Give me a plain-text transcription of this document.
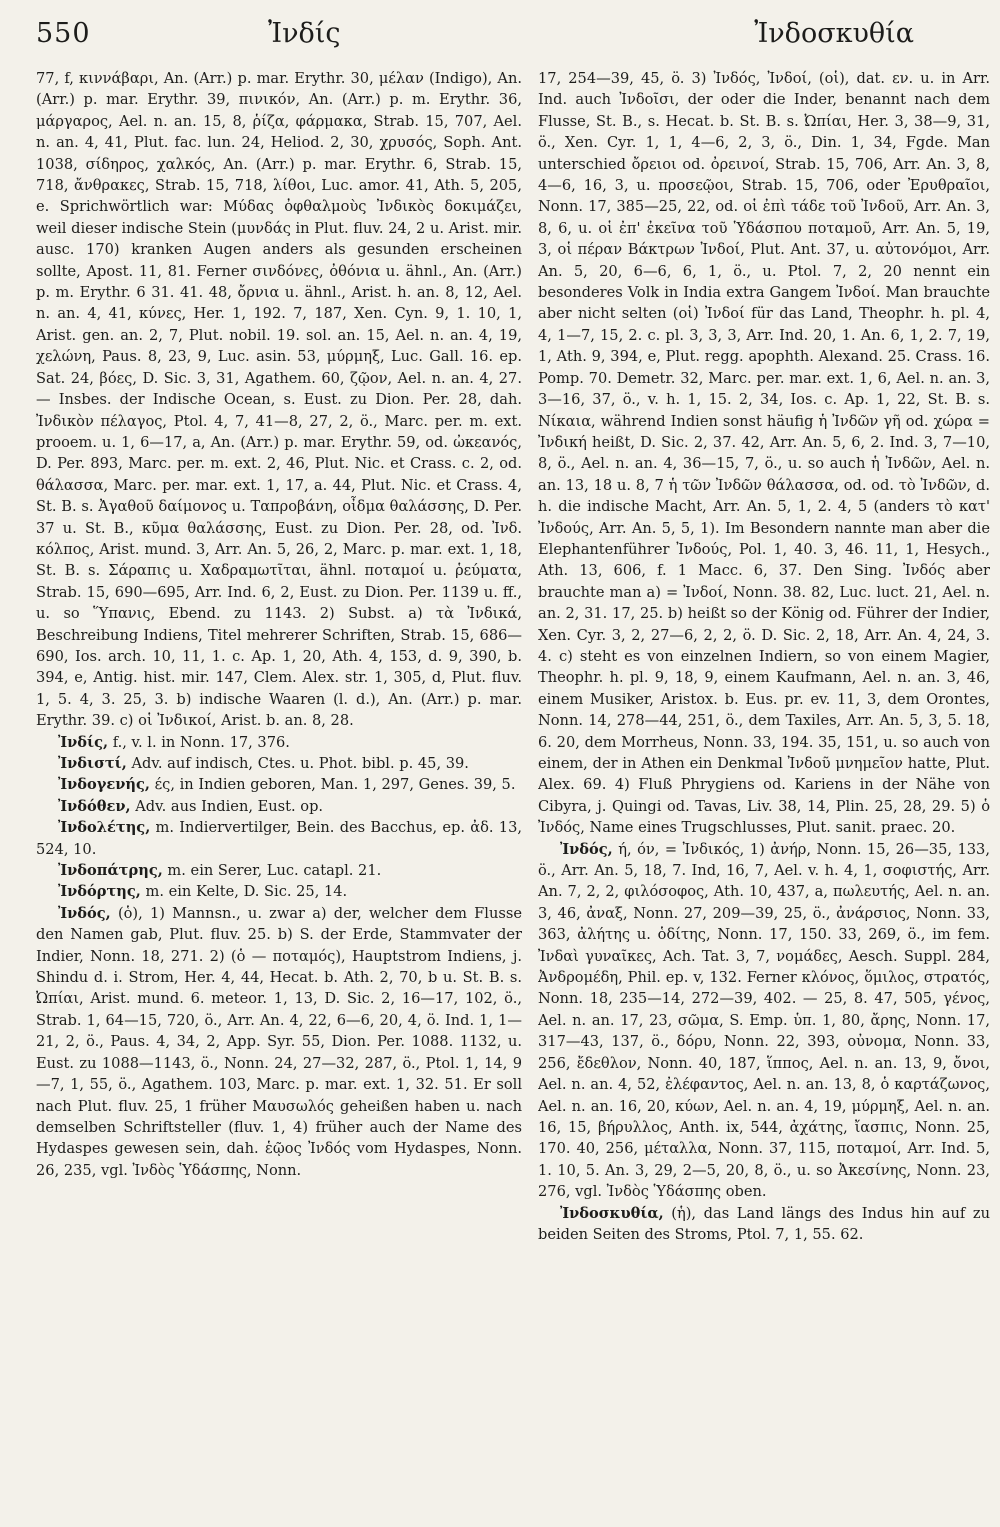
550	Ἰνδίς	Ἰνδοσκυθία

77, f, κιννάβαρι, An. (Arr.) p. mar. Erythr. 30, μέλαν (Indigo), An. (Arr.) p. mar. Erythr. 39, πινικόν, An. (Arr.) p. m. Erythr. 36, μάργαρος, Ael. n. an. 15, 8, ῥίζα, φάρμακα, Strab. 15, 707, Ael. n. an. 4, 41, Plut. fac. lun. 24, Heliod. 2, 30, χρυσός, Soph. Ant. 1038, σίδηρος, χαλκός, An. (Arr.) p. mar. Erythr. 6, Strab. 15, 718, ἄνθρακες, Strab. 15, 718, λίθοι, Luc. amor. 41, Ath. 5, 205, e. Sprichwörtlich war: Μύδας ὀφθαλμοὺς Ἰνδικὸς δοκιμάζει, weil dieser indische Stein (μυνδάς in Plut. fluv. 24, 2 u. Arist. mir. ausc. 170) kranken Augen anders als gesunden erscheinen sollte, Apost. 11, 81. Ferner σινδόνες, ὀθόνια u. ähnl., An. (Arr.) p. m. Erythr. 6 31. 41. 48, ὄρνια u. ähnl., Arist. h. an. 8, 12, Ael. n. an. 4, 41, κύνες, Her. 1, 192. 7, 187, Xen. Cyn. 9, 1. 10, 1, Arist. gen. an. 2, 7, Plut. nobil. 19. sol. an. 15, Ael. n. an. 4, 19, χελώνη, Paus. 8, 23, 9, Luc. asin. 53, μύρμηξ, Luc. Gall. 16. ep. Sat. 24, βόες, D. Sic. 3, 31, Agathem. 60, ζῷον, Ael. n. an. 4, 27. — Insbes. der Indische Ocean, s. Eust. zu Dion. Per. 28, dah. Ἰνδικὸν πέλαγος, Ptol. 4, 7, 41—8, 27, 2, ö., Marc. per. m. ext. prooem. u. 1, 6—17, a, An. (Arr.) p. mar. Erythr. 59, od. ὠκεανός, D. Per. 893, Marc. per. m. ext. 2, 46, Plut. Nic. et Crass. c. 2, od. θάλασσα, Marc. per. mar. ext. 1, 17, a. 44, Plut. Nic. et Crass. 4, St. B. s. Ἀγαθοῦ δαίμονος u. Ταπροβάνη, οἶδμα θαλάσσης, D. Per. 37 u. St. B., κῦμα θαλάσσης, Eust. zu Dion. Per. 28, od. Ἰνδ. κόλπος, Arist. mund. 3, Arr. An. 5, 26, 2, Marc. p. mar. ext. 1, 18, St. B. s. Σάραπις u. Χαδραμωτῖται, ähnl. ποταμοί u. ῥεύματα, Strab. 15, 690—695, Arr. Ind. 6, 2, Eust. zu Dion. Per. 1139 u. ff., u. so Ὕπανις, Ebend. zu 1143. 2) Subst. a) τὰ Ἰνδικά, Beschreibung Indiens, Titel mehrerer Schriften, Strab. 15, 686—690, Ios. arch. 10, 11, 1. c. Ap. 1, 20, Ath. 4, 153, d. 9, 390, b. 394, e, Antig. hist. mir. 147, Clem. Alex. str. 1, 305, d, Plut. fluv. 1, 5. 4, 3. 25, 3. b) indische Waaren (l. d.), An. (Arr.) p. mar. Erythr. 39. c) οἱ Ἰνδικοί, Arist. b. an. 8, 28.

Ἰνδίς, f., v. l. in Nonn. 17, 376.

Ἰνδιστί, Adv. auf indisch, Ctes. u. Phot. bibl. p. 45, 39.

Ἰνδογενής, ές, in Indien geboren, Man. 1, 297, Genes. 39, 5.

Ἰνδόθεν, Adv. aus Indien, Eust. op.

Ἰνδολέτης, m. Indiervertilger, Bein. des Bacchus, ep. ἀδ. 13, 524, 10.

Ἰνδοπάτρης, m. ein Serer, Luc. catapl. 21.

Ἰνδόρτης, m. ein Kelte, D. Sic. 25, 14.

Ἰνδός, (ὁ), 1) Mannsn., u. zwar a) der, welcher dem Flusse den Namen gab, Plut. fluv. 25. b) S. der Erde, Stammvater der Indier, Nonn. 18, 271. 2) (ὁ — ποταμός), Hauptstrom Indiens, j. Shindu d. i. Strom, Her. 4, 44, Hecat. b. Ath. 2, 70, b u. St. B. s. Ὠπίαι, Arist. mund. 6. meteor. 1, 13, D. Sic. 2, 16—17, 102, ö., Strab. 1, 64—15, 720, ö., Arr. An. 4, 22, 6—6, 20, 4, ö. Ind. 1, 1—21, 2, ö., Paus. 4, 34, 2, App. Syr. 55, Dion. Per. 1088. 1132, u. Eust. zu 1088—1143, ö., Nonn. 24, 27—32, 287, ö., Ptol. 1, 14, 9—7, 1, 55, ö., Agathem. 103, Marc. p. mar. ext. 1, 32. 51. Er soll nach Plut. fluv. 25, 1 früher Μαυσωλός geheißen haben u. nach demselben Schriftsteller (fluv. 1, 4) früher auch der Name des Hydaspes gewesen sein, dah. ἑῷος Ἰνδός vom Hydaspes, Nonn. 26, 235, vgl. Ἰνδὸς Ὑδάσπης, Nonn.

17, 254—39, 45, ö. 3) Ἰνδός, Ἰνδοί, (οἱ), dat. εν. u. in Arr. Ind. auch Ἰνδοῖσι, der oder die Inder, benannt nach dem Flusse, St. B., s. Hecat. b. St. B. s. Ὠπίαι, Her. 3, 38—9, 31, ö., Xen. Cyr. 1, 1, 4—6, 2, 3, ö., Din. 1, 34, Fgde. Man unterschied ὄρειοι od. ὀρεινοί, Strab. 15, 706, Arr. An. 3, 8, 4—6, 16, 3, u. προσεῷοι, Strab. 15, 706, oder Ἐρυθραῖοι, Nonn. 17, 385—25, 22, od. οἱ ἐπὶ τάδε τοῦ Ἰνδοῦ, Arr. An. 3, 8, 6, u. οἱ ἐπ' ἐκεῖνα τοῦ Ὑδάσπου ποταμοῦ, Arr. An. 5, 19, 3, οἱ πέραν Βάκτρων Ἰνδοί, Plut. Ant. 37, u. αὐτονόμοι, Arr. An. 5, 20, 6—6, 6, 1, ö., u. Ptol. 7, 2, 20 nennt ein besonderes Volk in India extra Gangem Ἰνδοί. Man brauchte aber nicht selten (οἱ) Ἰνδοί für das Land, Theophr. h. pl. 4, 4, 1—7, 15, 2. c. pl. 3, 3, 3, Arr. Ind. 20, 1. An. 6, 1, 2. 7, 19, 1, Ath. 9, 394, e, Plut. regg. apophth. Alexand. 25. Crass. 16. Pomp. 70. Demetr. 32, Marc. per. mar. ext. 1, 6, Ael. n. an. 3, 3—16, 37, ö., v. h. 1, 15. 2, 34, Ios. c. Ap. 1, 22, St. B. s. Νίκαια, während Indien sonst häufig ἡ Ἰνδῶν γῆ od. χώρα = Ἰνδική heißt, D. Sic. 2, 37. 42, Arr. An. 5, 6, 2. Ind. 3, 7—10, 8, ö., Ael. n. an. 4, 36—15, 7, ö., u. so auch ἡ Ἰνδῶν, Ael. n. an. 13, 18 u. 8, 7 ἡ τῶν Ἰνδῶν θάλασσα, od. od. τὸ Ἰνδῶν, d. h. die indische Macht, Arr. An. 5, 1, 2. 4, 5 (anders τὸ κατ' Ἰνδούς, Arr. An. 5, 5, 1). Im Besondern nannte man aber die Elephantenführer Ἰνδούς, Pol. 1, 40. 3, 46. 11, 1, Hesych., Ath. 13, 606, f. 1 Macc. 6, 37. Den Sing. Ἰνδός aber brauchte man a) = Ἰνδοί, Nonn. 38. 82, Luc. luct. 21, Ael. n. an. 2, 31. 17, 25. b) heißt so der König od. Führer der Indier, Xen. Cyr. 3, 2, 27—6, 2, 2, ö. D. Sic. 2, 18, Arr. An. 4, 24, 3. 4. c) steht es von einzelnen Indiern, so von einem Magier, Theophr. h. pl. 9, 18, 9, einem Kaufmann, Ael. n. an. 3, 46, einem Musiker, Aristox. b. Eus. pr. ev. 11, 3, dem Orontes, Nonn. 14, 278—44, 251, ö., dem Taxiles, Arr. An. 5, 3, 5. 18, 6. 20, dem Morrheus, Nonn. 33, 194. 35, 151, u. so auch von einem, der in Athen ein Denkmal Ἰνδοῦ μνημεῖον hatte, Plut. Alex. 69. 4) Fluß Phrygiens od. Kariens in der Nähe von Cibyra, j. Quingi od. Tavas, Liv. 38, 14, Plin. 25, 28, 29. 5) ὁ Ἰνδός, Name eines Trugschlusses, Plut. sanit. praec. 20.

Ἰνδός, ή, όν, = Ἰνδικός, 1) ἀνήρ, Nonn. 15, 26—35, 133, ö., Arr. An. 5, 18, 7. Ind, 16, 7, Ael. v. h. 4, 1, σοφιστής, Arr. An. 7, 2, 2, φιλόσοφος, Ath. 10, 437, a, πωλευτής, Ael. n. an. 3, 46, ἀναξ, Nonn. 27, 209—39, 25, ö., ἀνάρσιος, Nonn. 33, 363, ἀλήτης u. ὁδίτης, Nonn. 17, 150. 33, 269, ö., im fem. Ἰνδαὶ γυναῖκες, Ach. Tat. 3, 7, νομάδες, Aesch. Suppl. 284, Ἀνδρομέδη, Phil. ep. v, 132. Ferner κλόνος, ὅμιλος, στρατός, Nonn. 18, 235—14, 272—39, 402. — 25, 8. 47, 505, γένος, Ael. n. an. 17, 23, σῶμα, S. Emp. ὑπ. 1, 80, ἄρης, Nonn. 17, 317—43, 137, ö., δόρυ, Nonn. 22, 393, οὐνομα, Nonn. 33, 256, ἔδεθλον, Nonn. 40, 187, ἵππος, Ael. n. an. 13, 9, ὄνοι, Ael. n. an. 4, 52, ἐλέφαντος, Ael. n. an. 13, 8, ὁ καρτάζωνος, Ael. n. an. 16, 20, κύων, Ael. n. an. 4, 19, μύρμηξ, Ael. n. an. 16, 15, βήρυλλος, Anth. ix, 544, ἀχάτης, ἴασπις, Nonn. 25, 170. 40, 256, μέταλλα, Nonn. 37, 115, ποταμοί, Arr. Ind. 5, 1. 10, 5. An. 3, 29, 2—5, 20, 8, ö., u. so Ἀκεσίνης, Nonn. 23, 276, vgl. Ἰνδὸς Ὑδάσπης oben.

Ἰνδοσκυθία, (ἡ), das Land längs des Indus hin auf zu beiden Seiten des Stroms, Ptol. 7, 1, 55. 62.
